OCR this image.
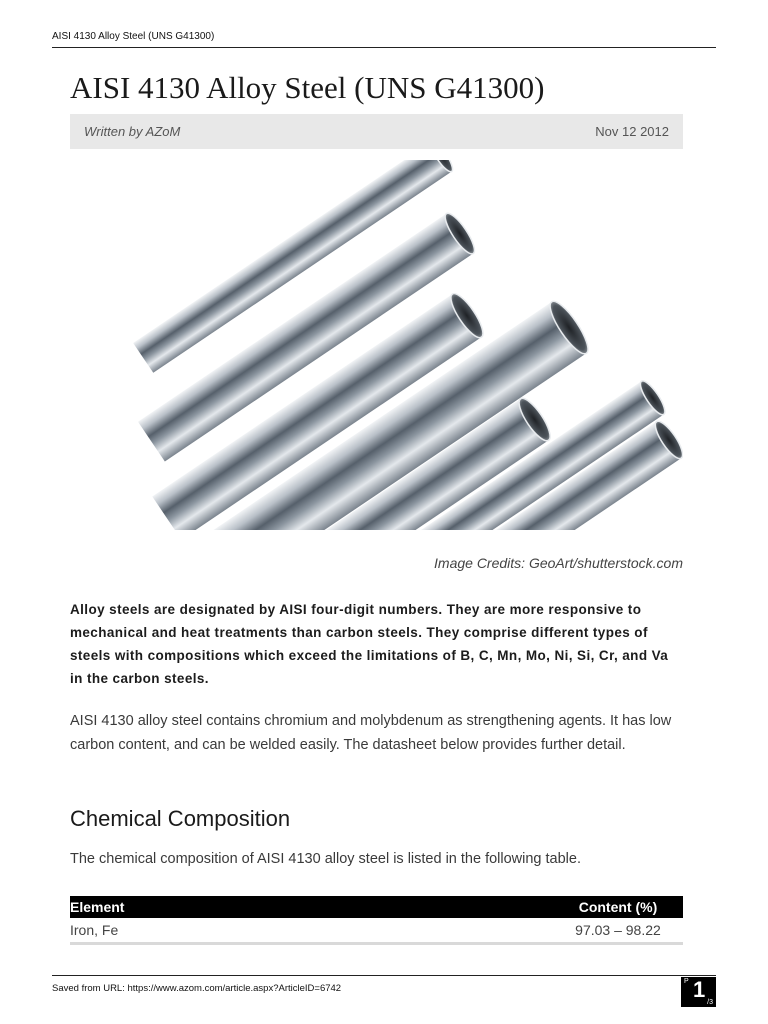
AISI 4130 Alloy Steel (UNS G41300)
AISI 4130 Alloy Steel (UNS G41300)
Written by AZoM	Nov 12 2012
Image Credits: GeoArt/shutterstock.com

Alloy steels are designated by AISI four-digit numbers. They are more responsive to mechanical and heat treatments than carbon steels. They comprise different types of steels with compositions which exceed the limitations of B, C, Mn, Mo, Ni, Si, Cr, and Va in the carbon steels.

AISI 4130 alloy steel contains chromium and molybdenum as strengthening agents. It has low carbon content, and can be welded easily. The datasheet below provides further detail.

Chemical Composition

The chemical composition of AISI 4130 alloy steel is listed in the following table.

Element	Content (%)
Iron, Fe	97.03 – 98.22
Saved from URL: https://www.azom.com/article.aspx?ArticleID=6742
P 1
/3
